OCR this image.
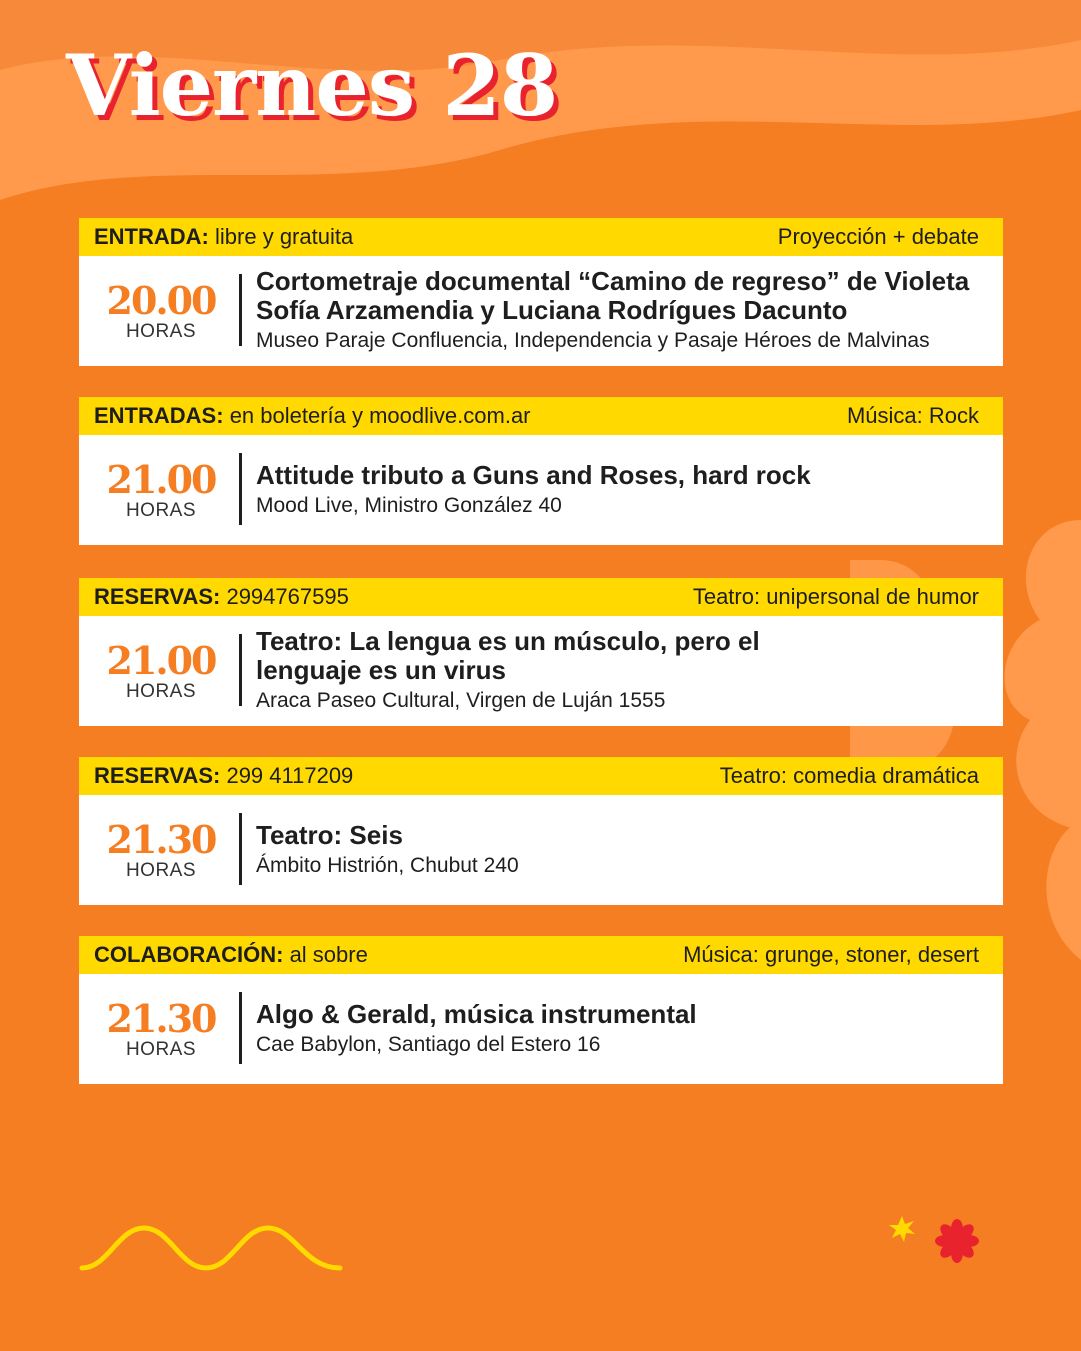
Viernes 28
ENTRADA: libre y gratuita	Proyección + debate
20.00
HORAS
Cortometraje documental “Camino de regreso” de Violeta Sofía Arzamendia y Luciana Rodrígues Dacunto
Museo Paraje Confluencia, Independencia y Pasaje Héroes de Malvinas
ENTRADAS: en boletería y moodlive.com.ar	Música: Rock
21.00
HORAS
Attitude tributo a Guns and Roses, hard rock
Mood Live, Ministro González 40
RESERVAS: 2994767595	Teatro: unipersonal de humor
21.00
HORAS
Teatro: La lengua es un músculo, pero el lenguaje es un virus
Araca Paseo Cultural, Virgen de Luján 1555
RESERVAS: 299 4117209	Teatro: comedia dramática
21.30
HORAS
Teatro: Seis
Ámbito Histrión, Chubut 240
COLABORACIÓN: al sobre	Música: grunge, stoner, desert
21.30
HORAS
Algo & Gerald, música instrumental
Cae Babylon, Santiago del Estero 16
